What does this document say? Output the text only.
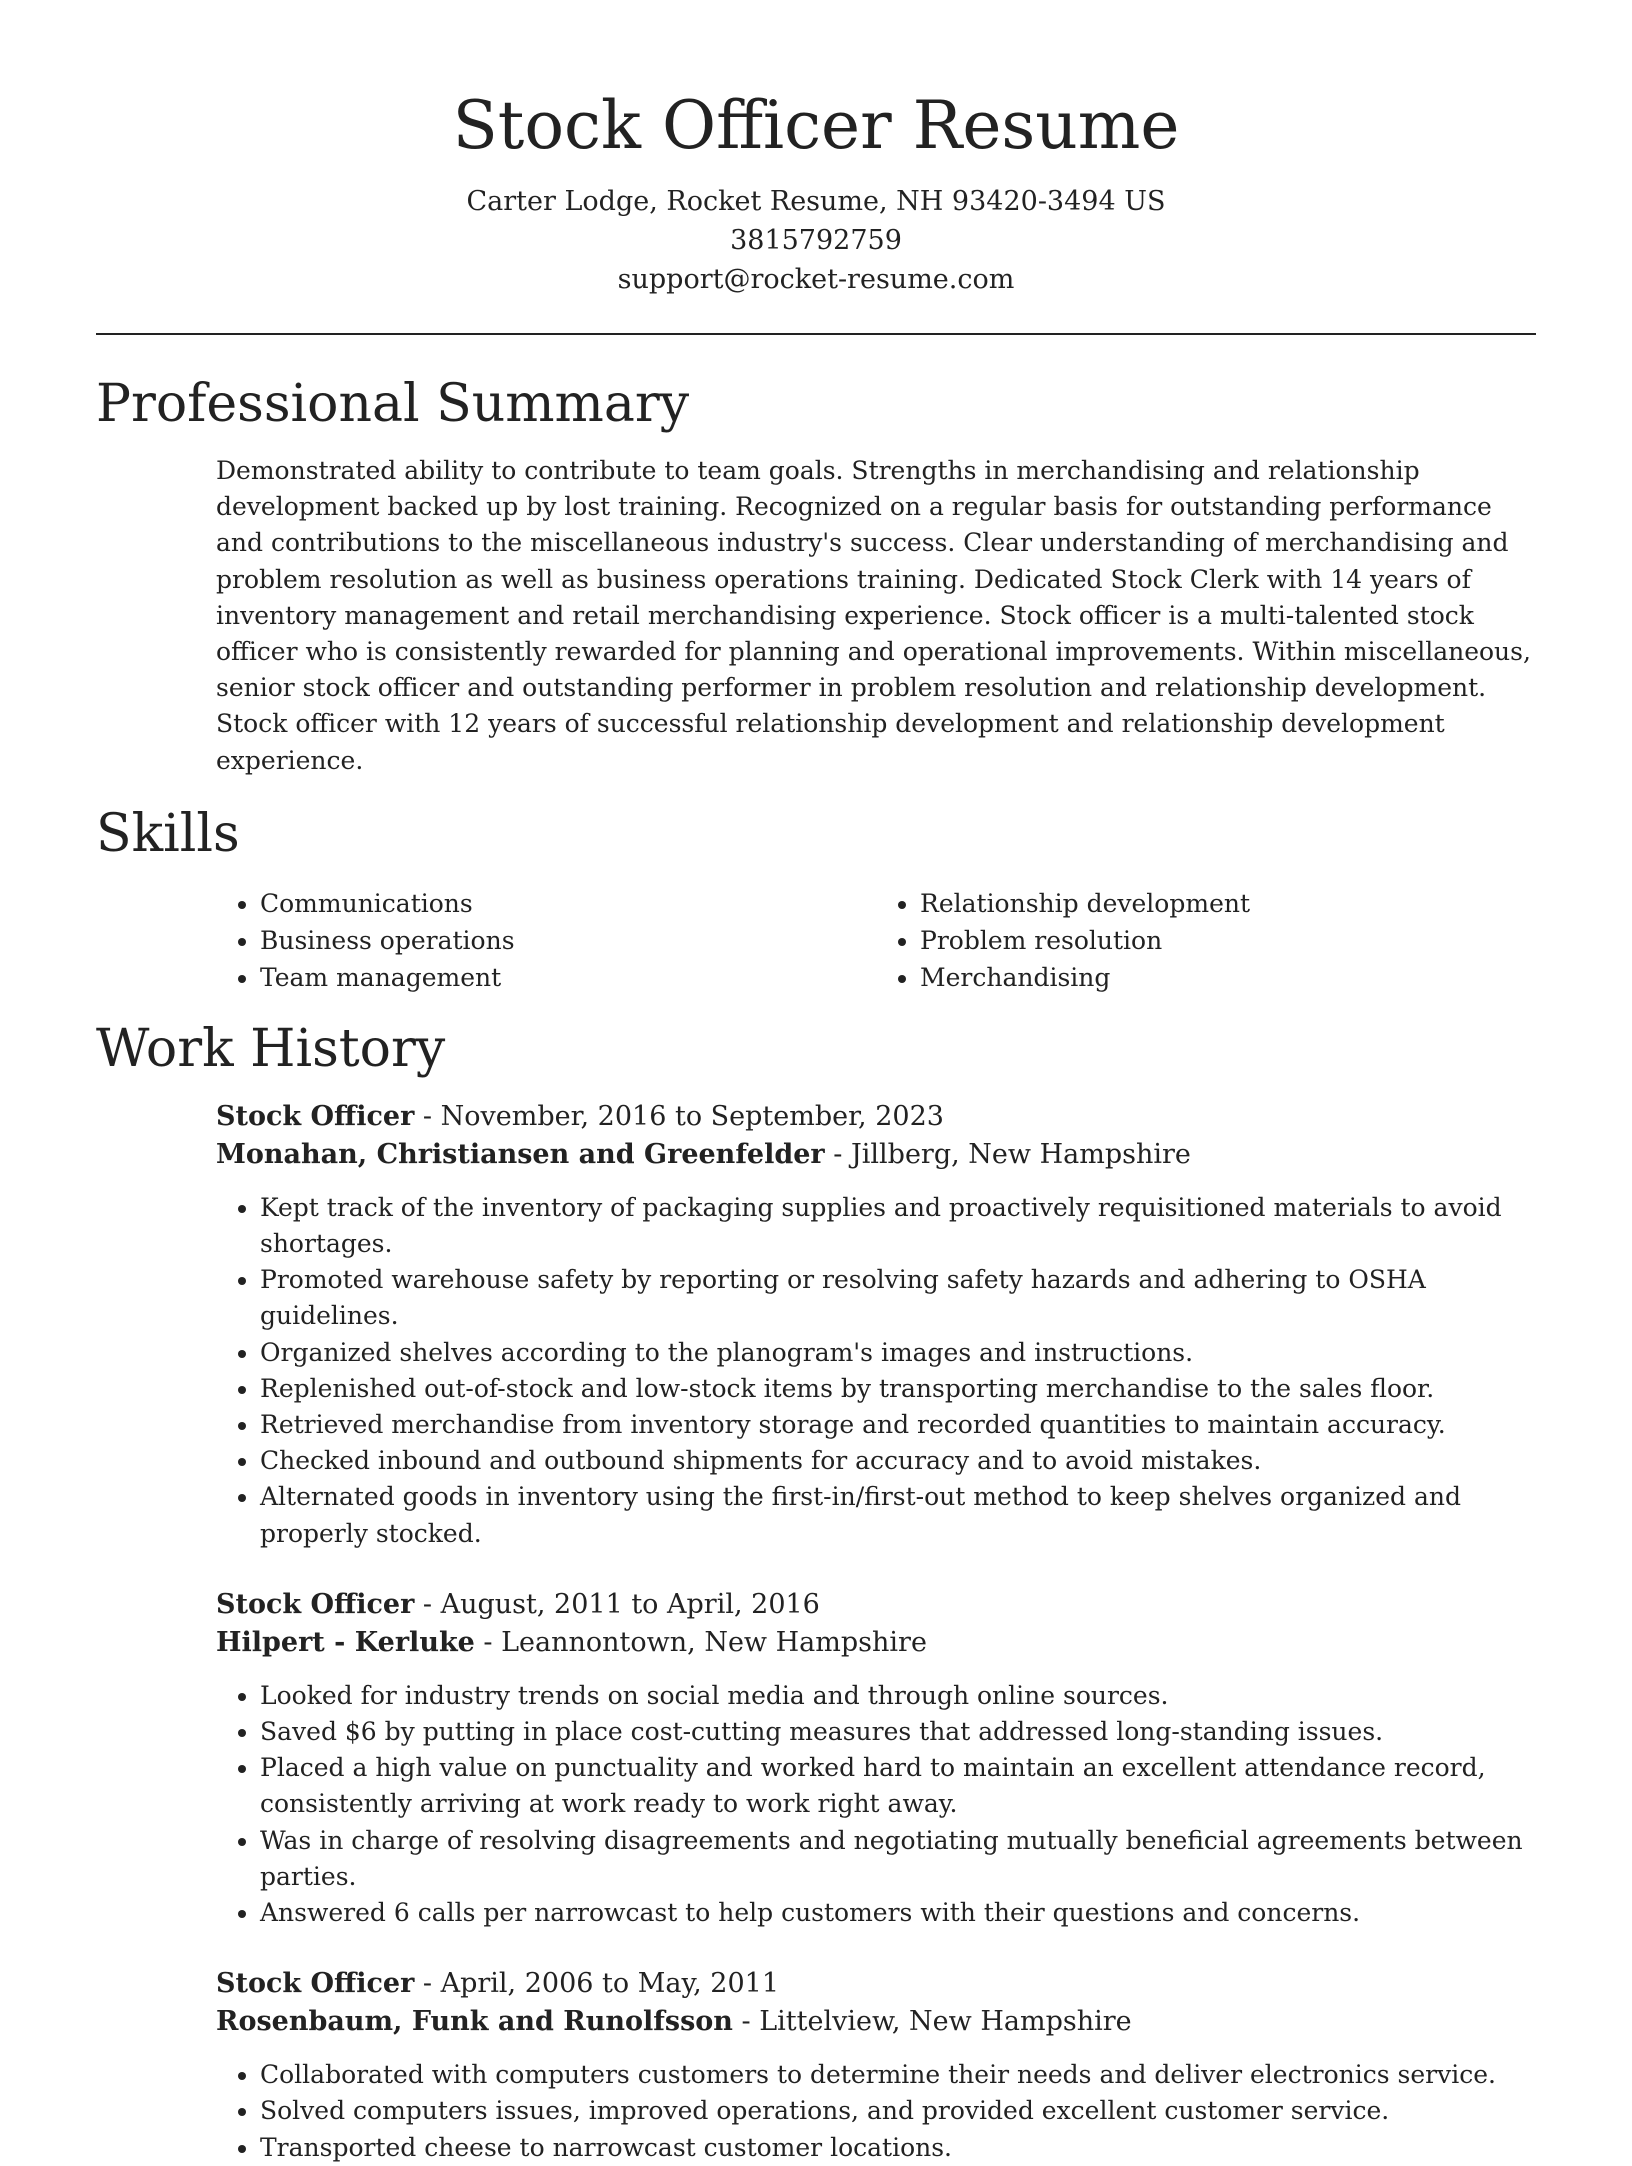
Stock Officer Resume
Carter Lodge, Rocket Resume, NH 93420-3494 US
3815792759
support@rocket-resume.com
Professional Summary

Demonstrated ability to contribute to team goals. Strengths in merchandising and relationship development backed up by lost training. Recognized on a regular basis for outstanding performance and contributions to the miscellaneous industry's success. Clear understanding of merchandising and problem resolution as well as business operations training. Dedicated Stock Clerk with 14 years of inventory management and retail merchandising experience. Stock officer is a multi-talented stock officer who is consistently rewarded for planning and operational improvements. Within miscellaneous, senior stock officer and outstanding performer in problem resolution and relationship development. Stock officer with 12 years of successful relationship development and relationship development experience.

Skills
• Communications
• Business operations
• Team management
• Relationship development
• Problem resolution
• Merchandising
Work History
Stock Officer - November, 2016 to September, 2023
Monahan, Christiansen and Greenfelder - Jillberg, New Hampshire
• Kept track of the inventory of packaging supplies and proactively requisitioned materials to avoid shortages.
• Promoted warehouse safety by reporting or resolving safety hazards and adhering to OSHA guidelines.
• Organized shelves according to the planogram's images and instructions.
• Replenished out-of-stock and low-stock items by transporting merchandise to the sales floor.
• Retrieved merchandise from inventory storage and recorded quantities to maintain accuracy.
• Checked inbound and outbound shipments for accuracy and to avoid mistakes.
• Alternated goods in inventory using the first-in/first-out method to keep shelves organized and properly stocked.
Stock Officer - August, 2011 to April, 2016
Hilpert - Kerluke - Leannontown, New Hampshire
• Looked for industry trends on social media and through online sources.
• Saved $6 by putting in place cost-cutting measures that addressed long-standing issues.
• Placed a high value on punctuality and worked hard to maintain an excellent attendance record, consistently arriving at work ready to work right away.
• Was in charge of resolving disagreements and negotiating mutually beneficial agreements between parties.
• Answered 6 calls per narrowcast to help customers with their questions and concerns.
Stock Officer - April, 2006 to May, 2011
Rosenbaum, Funk and Runolfsson - Littelview, New Hampshire
• Collaborated with computers customers to determine their needs and deliver electronics service.
• Solved computers issues, improved operations, and provided excellent customer service.
• Transported cheese to narrowcast customer locations.
